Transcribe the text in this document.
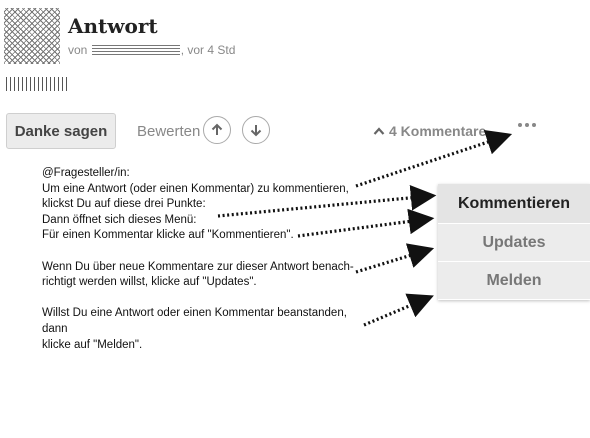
Antwort
von	, vor 4 Std
Danke sagen	Bewerten	4 Kommentare

@Fragesteller/in:

Um eine Antwort (oder einen Kommentar) zu kommentieren,

klickst Du auf diese drei Punkte:

Dann öffnet sich dieses Menü:

Für einen Kommentar klicke auf "Kommentieren".

Wenn Du über neue Kommentare zur dieser Antwort benach-

richtigt werden willst, klicke auf "Updates".

Willst Du eine Antwort oder einen Kommentar beanstanden, dann

klicke auf "Melden".

Kommentieren
Updates
Melden
